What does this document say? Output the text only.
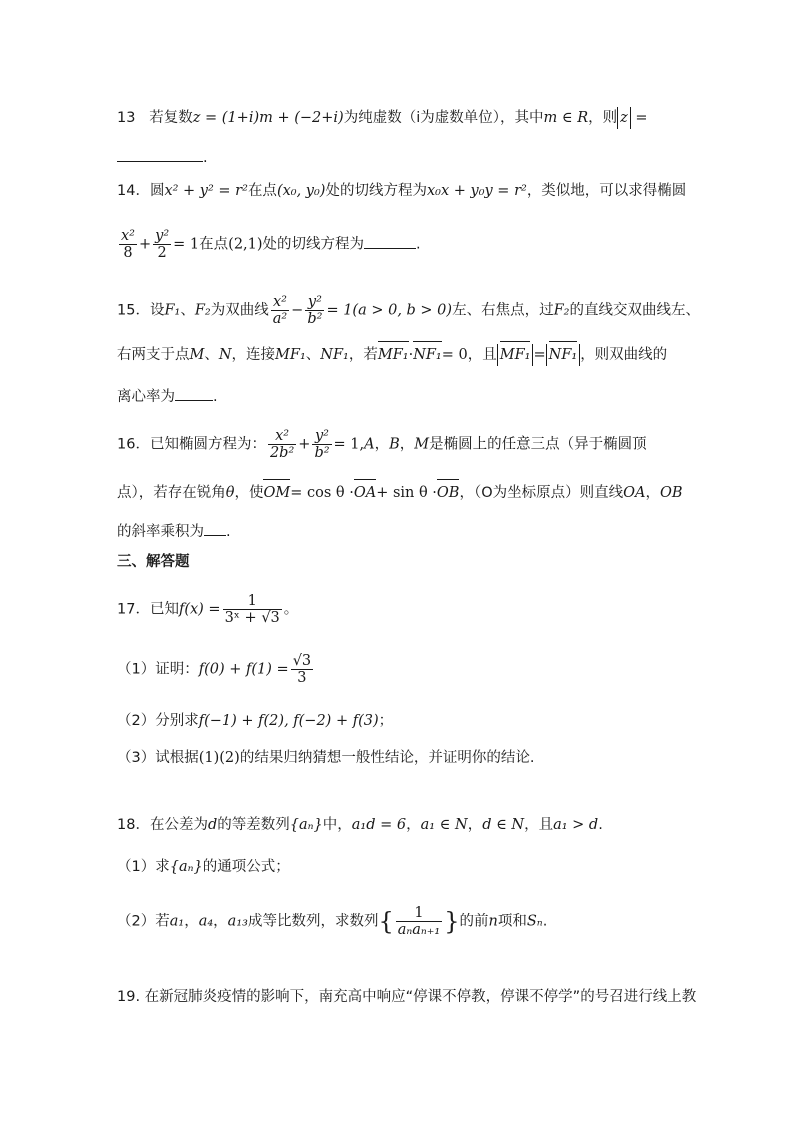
13 若复数z = (1+i)m + (−2+i)为纯虚数（i为虚数单位），其中m ∈ R，则 z =
.
14．圆x² + y² = r²在点(x₀, y₀)处的切线方程为x₀x + y₀y = r²，类似地，可以求得椭圆
$\frac{\text{x²}}{8} + \frac{\text{y²}}{2} = 1$在点(2,1)处的切线方程为	.
15．设F₁、F₂为双曲线 $\frac{\text{x²}}{\text{a²}} - \frac{\text{y²}}{\text{b²}} = 1(a > 0$, b > 0)左、右焦点，过F₂的直线交双曲线左、
右两支于点M、N，连接MF₁、NF₁，若MF₁·NF₁= 0，且 MF₁ = NF₁ ，则双曲线的
离心率为	.
16．已知椭圆方程为： $\frac{\text{x²}}{\text{2b²}} + \frac{\text{y²}}{\text{b²}} = 1,A$，B，M是椭圆上的任意三点（异于椭圆顶
点），若存在锐角θ，使OM= cos θ ·OA+ sin θ ·OB，（O为坐标原点）则直线OA，OB
的斜率乘积为 .
三、解答题
17．已知$f(x) = \frac{1}{\text{3ˣ + √3}}$ 。
（1）证明：$f(0) + f(1) = \frac{√3}{3}$
（2）分别求f(−1) + f(2), f(−2) + f(3)；
（3）试根据(1)(2)的结果归纳猜想一般性结论，并证明你的结论.
18．在公差为d的等差数列{aₙ}中，a₁d = 6，a₁ ∈ N，d ∈ N，且a₁ > d.
（1）求{aₙ}的通项公式；
（2）若a₁，a₄，a₁₃成等比数列，求数列{ $\frac{1}{\text{aₙaₙ₊₁}}$ }的前n项和Sₙ.
19. 在新冠肺炎疫情的影响下，南充高中响应“停课不停教，停课不停学”的号召进行线上教
